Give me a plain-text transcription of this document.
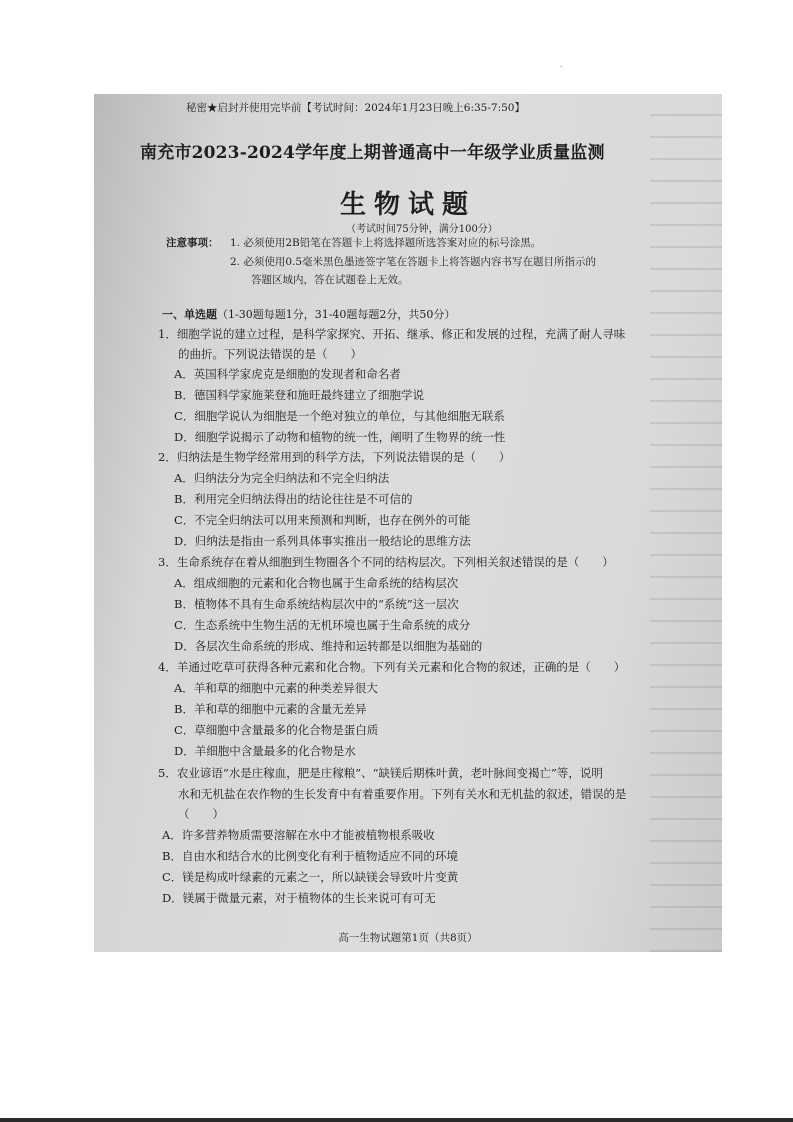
.
秘密★启封并使用完毕前【考试时间：2024年1月23日晚上6:35-7:50】
南充市2023-2024学年度上期普通高中一年级学业质量监测
生物试题
（考试时间75分钟，满分100分）
注意事项： 1. 必须使用2B铅笔在答题卡上将选择题所选答案对应的标号涂黑。
2. 必须使用0.5毫米黑色墨迹签字笔在答题卡上将答题内容书写在题目所指示的
答题区域内，答在试题卷上无效。
一、单选题（1-30题每题1分，31-40题每题2分，共50分）
1．细胞学说的建立过程，是科学家探究、开拓、继承、修正和发展的过程，充满了耐人寻味
的曲折。下列说法错误的是（　　）
A．英国科学家虎克是细胞的发现者和命名者
B．德国科学家施莱登和施旺最终建立了细胞学说
C．细胞学说认为细胞是一个绝对独立的单位，与其他细胞无联系
D．细胞学说揭示了动物和植物的统一性，阐明了生物界的统一性
2．归纳法是生物学经常用到的科学方法，下列说法错误的是（　　）
A．归纳法分为完全归纳法和不完全归纳法
B．利用完全归纳法得出的结论往往是不可信的
C．不完全归纳法可以用来预测和判断，也存在例外的可能
D．归纳法是指由一系列具体事实推出一般结论的思维方法
3．生命系统存在着从细胞到生物圈各个不同的结构层次。下列相关叙述错误的是（　　）
A．组成细胞的元素和化合物也属于生命系统的结构层次
B．植物体不具有生命系统结构层次中的“系统”这一层次
C．生态系统中生物生活的无机环境也属于生命系统的成分
D．各层次生命系统的形成、维持和运转都是以细胞为基础的
4．羊通过吃草可获得各种元素和化合物。下列有关元素和化合物的叙述，正确的是（　　）
A．羊和草的细胞中元素的种类差异很大
B．羊和草的细胞中元素的含量无差异
C．草细胞中含量最多的化合物是蛋白质
D．羊细胞中含量最多的化合物是水
5．农业谚语“水是庄稼血，肥是庄稼粮”、“缺镁后期株叶黄，老叶脉间变褐亡”等，说明
水和无机盐在农作物的生长发育中有着重要作用。下列有关水和无机盐的叙述，错误的是
（　　）
A．许多营养物质需要溶解在水中才能被植物根系吸收
B．自由水和结合水的比例变化有利于植物适应不同的环境
C．镁是构成叶绿素的元素之一，所以缺镁会导致叶片变黄
D．镁属于微量元素，对于植物体的生长来说可有可无
高一生物试题第1页（共8页）
